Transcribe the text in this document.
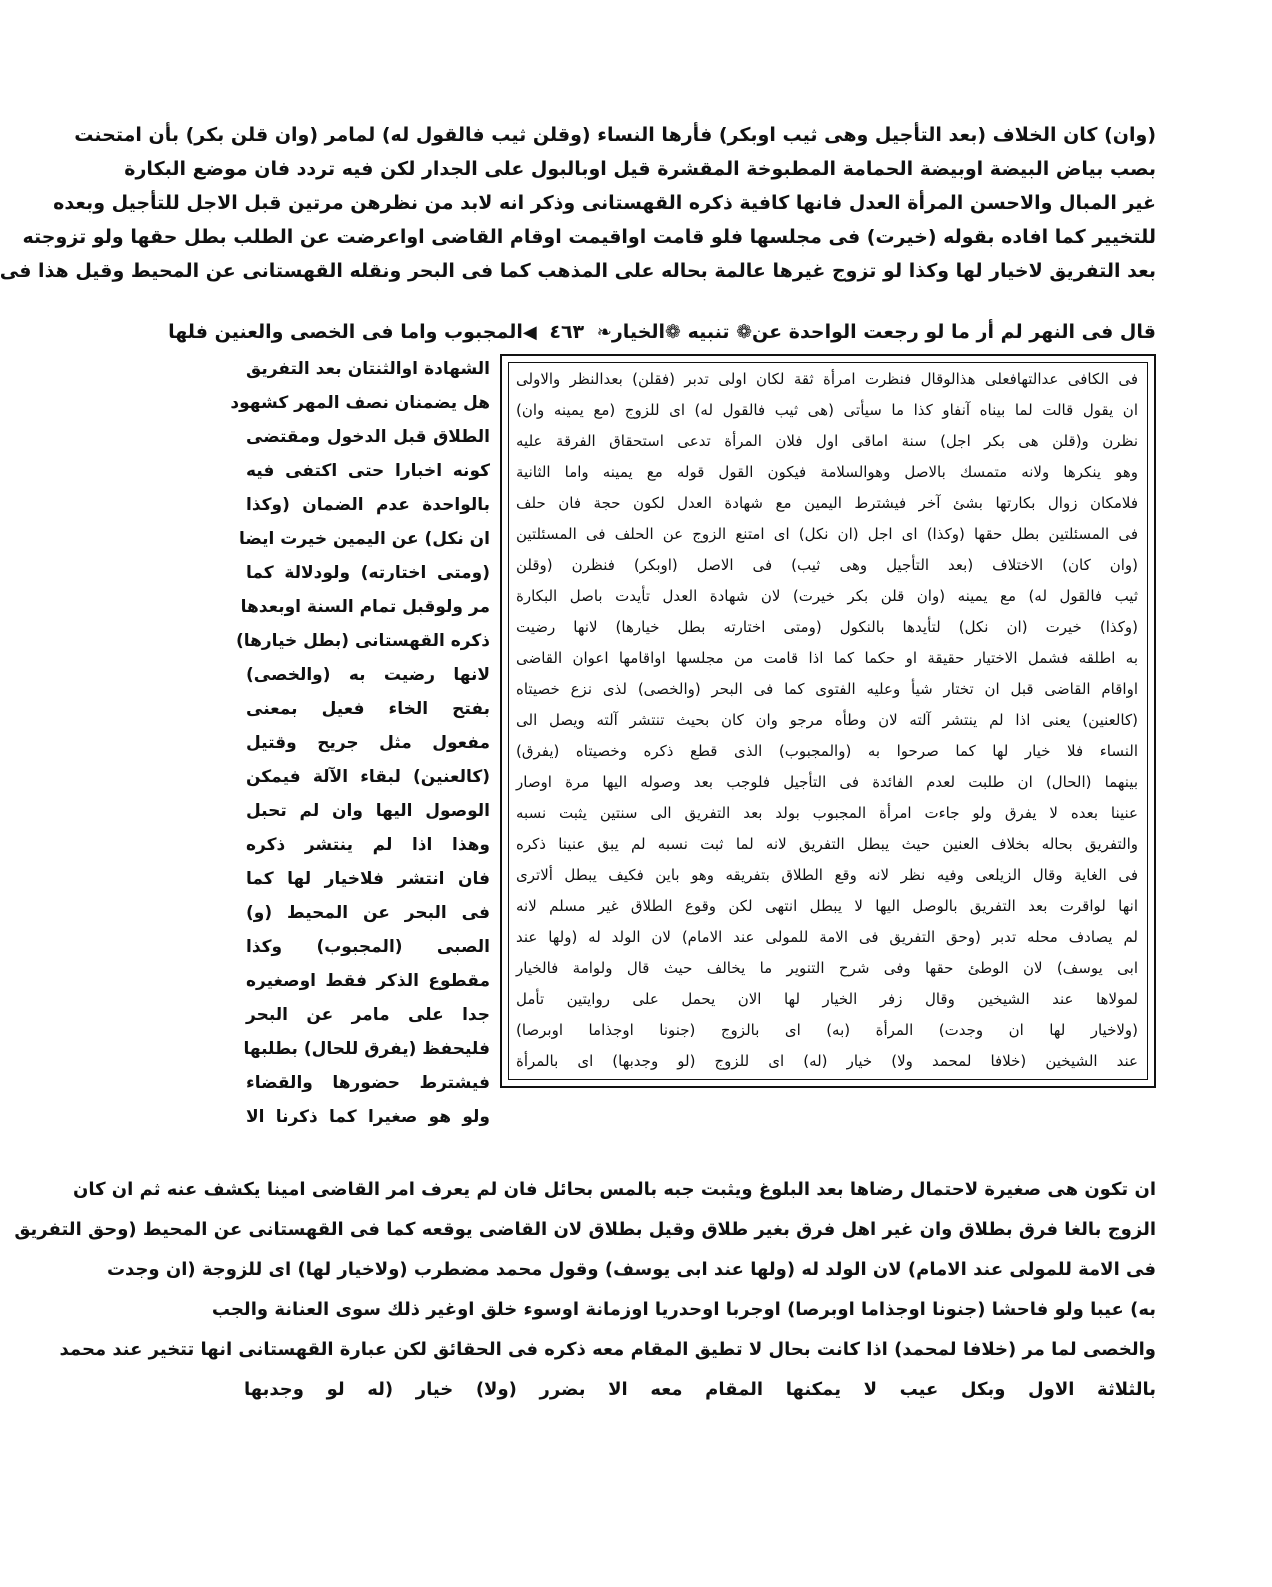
(وان) كان الخلاف (بعد التأجيل وهى ثيب اوبكر) فأرها النساء (وقلن ثيب فالقول له) لمامر (وان قلن بكر) بأن امتحنت
بصب بياض البيضة اوبيضة الحمامة المطبوخة المقشرة قيل اوبالبول على الجدار لكن فيه تردد فان موضع البكارة
غير المبال والاحسن المرأة العدل فانها كافية ذكره القهستانى وذكر انه لابد من نظرهن مرتين قبل الاجل للتأجيل وبعده
للتخيير كما افاده بقوله (خيرت) فى مجلسها فلو قامت اواقيمت اوقام القاضى اواعرضت عن الطلب بطل حقها ولو تزوجته
بعد التفريق لاخيار لها وكذا لو تزوج غيرها عالمة بحاله على المذهب كما فى البحر ونقله القهستانى عن المحيط وقيل هذا فى
قال فى النهر لم أر ما لو رجعت الواحدة عن
❁ تنبيه ❁
الخيار
❧ ٤٦٣ ◀
المجبوب واما فى الخصى والعنين فلها
فى الكافى عدالتهافعلى هذالوقال فنظرت امرأة ثقة لكان اولى تدبر (فقلن) بعدالنظر والاولى
ان يقول قالت لما بيناه آنفاو كذا ما سيأتى (هى ثيب فالقول له) اى للزوج (مع يمينه وان)
نظرن و(قلن هى بكر اجل) سنة اماقى اول فلان المرأة تدعى استحقاق الفرقة عليه
وهو ينكرها ولانه متمسك بالاصل وهوالسلامة فيكون القول قوله مع يمينه واما الثانية
فلامكان زوال بكارتها بشئ آخر فيشترط اليمين مع شهادة العدل لكون حجة فان حلف
فى المسئلتين بطل حقها (وكذا) اى اجل (ان نكل) اى امتنع الزوج عن الحلف فى المسئلتين
(وان كان) الاختلاف (بعد التأجيل وهى ثيب) فى الاصل (اوبكر) فنظرن (وقلن
ثيب فالقول له) مع يمينه (وان قلن بكر خيرت) لان شهادة العدل تأيدت باصل البكارة
(وكذا) خيرت (ان نكل) لتأيدها بالنكول (ومتى اختارته بطل خيارها) لانها رضيت
به اطلقه فشمل الاختيار حقيقة او حكما كما اذا قامت من مجلسها اواقامها اعوان القاضى
اواقام القاضى قبل ان تختار شيأ وعليه الفتوى كما فى البحر (والخصى) لذى نزع خصيتاه
(كالعنين) يعنى اذا لم ينتشر آلته لان وطأه مرجو وان كان بحيث تنتشر آلته ويصل الى
النساء فلا خيار لها كما صرحوا به (والمجبوب) الذى قطع ذكره وخصيتاه (يفرق)
بينهما (الحال) ان طلبت لعدم الفائدة فى التأجيل فلوجب بعد وصوله اليها مرة اوصار
عنينا بعده لا يفرق ولو جاءت امرأة المجبوب بولد بعد التفريق الى سنتين يثبت نسبه
والتفريق بحاله بخلاف العنين حيث يبطل التفريق لانه لما ثبت نسبه لم يبق عنينا ذكره
فى الغاية وقال الزيلعى وفيه نظر لانه وقع الطلاق بتفريقه وهو باين فكيف يبطل ألاترى
انها لواقرت بعد التفريق بالوصل اليها لا يبطل انتهى لكن وقوع الطلاق غير مسلم لانه
لم يصادف محله تدبر (وحق التفريق فى الامة للمولى عند الامام) لان الولد له (ولها عند
ابى يوسف) لان الوطئ حقها وفى شرح التنوير ما يخالف حيث قال ولوامة فالخيار
لمولاها عند الشيخين وقال زفر الخيار لها الان يحمل على روايتين تأمل
(ولاخيار لها ان وجدت) المرأة (به) اى بالزوج (جنونا اوجذاما اوبرصا)
عند الشيخين (خلافا لمحمد ولا) خيار (له) اى للزوج (لو وجدبها) اى بالمرأة
الشهادة اوالثنتان بعد التفريق
هل يضمنان نصف المهر كشهود
الطلاق قبل الدخول ومقتضى
كونه اخبارا حتى اكتفى فيه
بالواحدة عدم الضمان (وكذا
ان نكل) عن اليمين خيرت ايضا
(ومتى اختارته) ولودلالة كما
مر ولوقبل تمام السنة اوبعدها
ذكره القهستانى (بطل خيارها)
لانها رضيت به (والخصى)
بفتح الخاء فعيل بمعنى
مفعول مثل جريح وقتيل
(كالعنين) لبقاء الآلة فيمكن
الوصول اليها وان لم تحبل
وهذا اذا لم ينتشر ذكره
فان انتشر فلاخيار لها كما
فى البحر عن المحيط (و)
الصبى (المجبوب) وكذا
مقطوع الذكر فقط اوصغيره
جدا على مامر عن البحر
فليحفظ (يفرق للحال) بطلبها
فيشترط حضورها والقضاء
ولو هو صغيرا كما ذكرنا الا
ان تكون هى صغيرة لاحتمال رضاها بعد البلوغ ويثبت جبه بالمس بحائل فان لم يعرف امر القاضى امينا يكشف عنه ثم ان كان
الزوج بالغا فرق بطلاق وان غير اهل فرق بغير طلاق وقيل بطلاق لان القاضى يوقعه كما فى القهستانى عن المحيط (وحق التفريق
فى الامة للمولى عند الامام) لان الولد له (ولها عند ابى يوسف) وقول محمد مضطرب (ولاخيار لها) اى للزوجة (ان وجدت
به) عيبا ولو فاحشا (جنونا اوجذاما اوبرصا) اوجربا اوحدريا اوزمانة اوسوء خلق اوغير ذلك سوى العنانة والجب
والخصى لما مر (خلافا لمحمد) اذا كانت بحال لا تطيق المقام معه ذكره فى الحقائق لكن عبارة القهستانى انها تتخير عند محمد
بالثلاثة الاول وبكل عيب لا يمكنها المقام معه الا بضرر (ولا) خيار (له لو وجدبها
